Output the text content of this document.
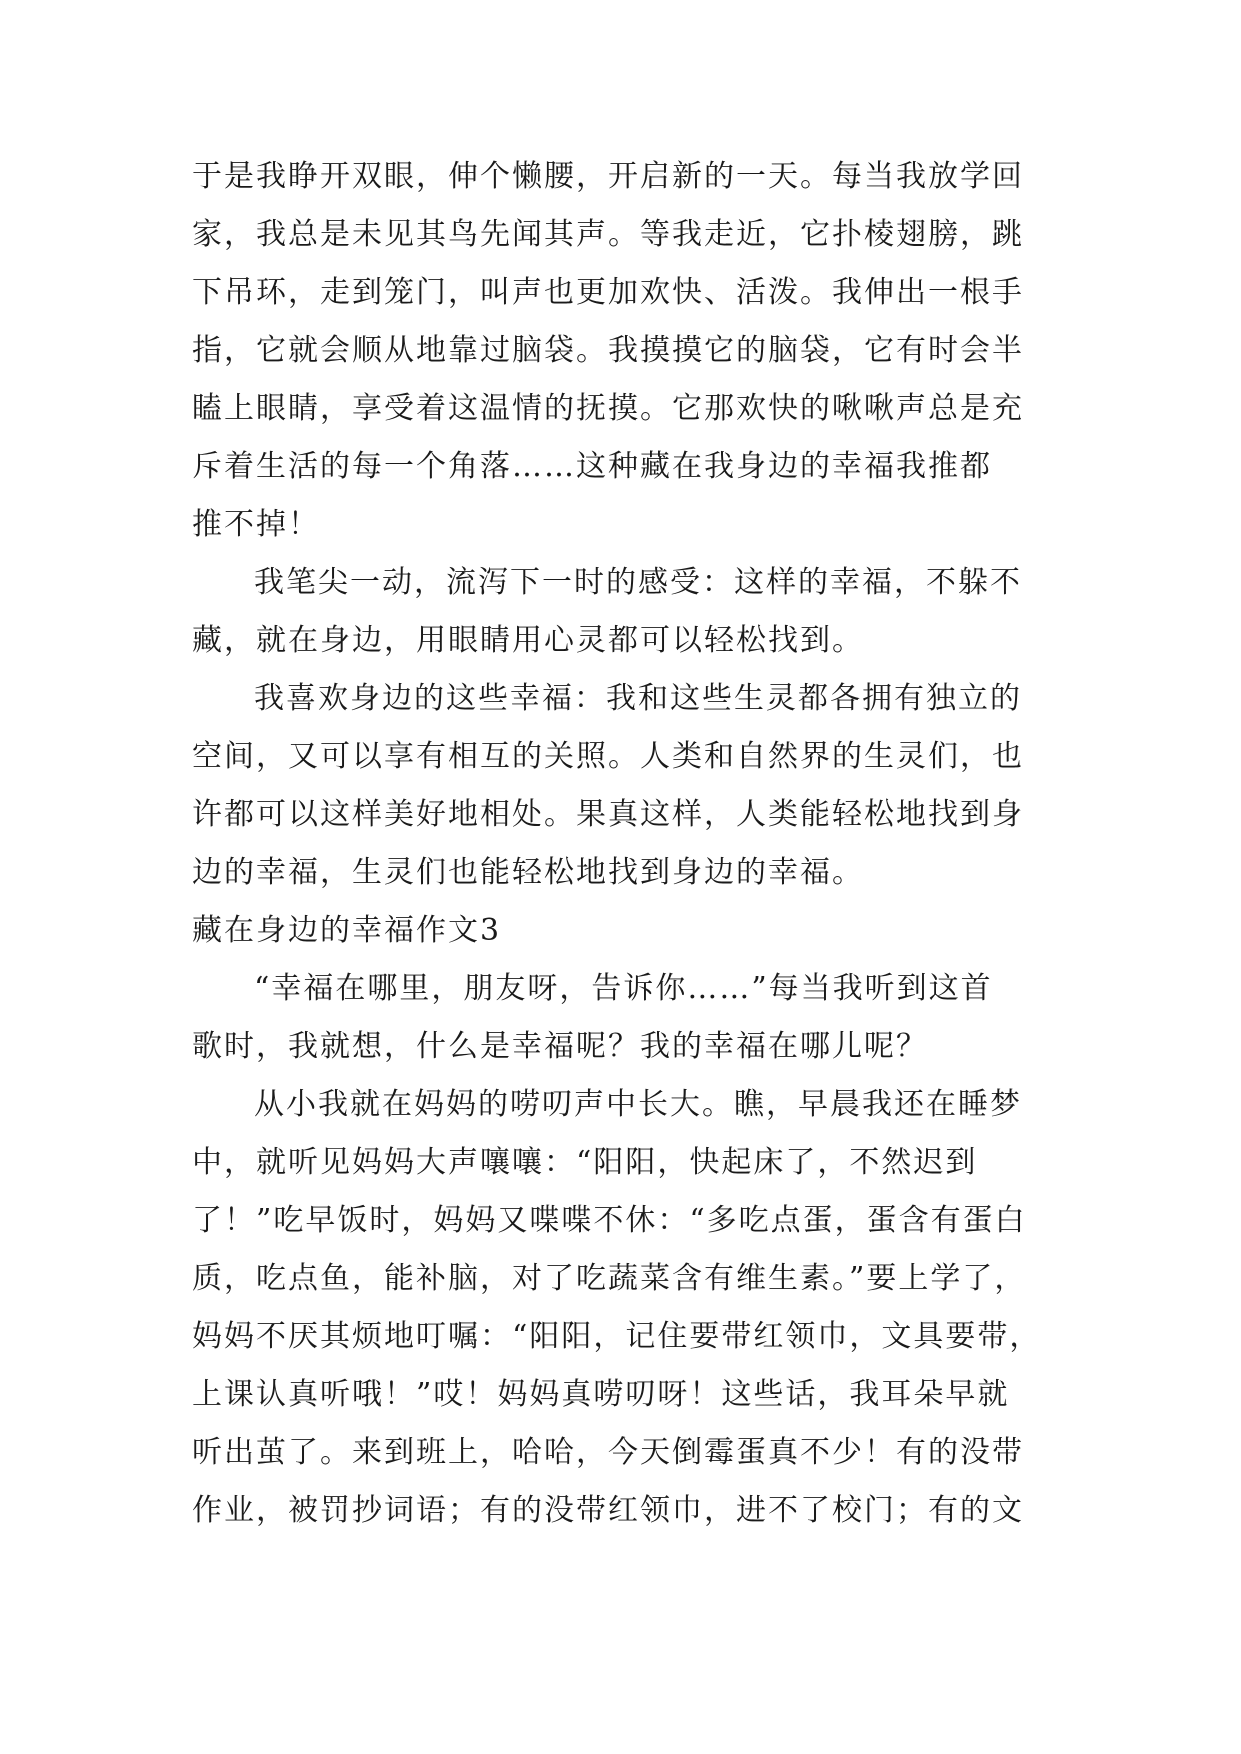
于是我睁开双眼，伸个懒腰，开启新的一天。每当我放学回
家，我总是未见其鸟先闻其声。等我走近，它扑棱翅膀，跳
下吊环，走到笼门，叫声也更加欢快、活泼。我伸出一根手
指，它就会顺从地靠过脑袋。我摸摸它的脑袋，它有时会半
瞌上眼睛，享受着这温情的抚摸。它那欢快的啾啾声总是充
斥着生活的每一个角落……这种藏在我身边的幸福我推都
推不掉！
我笔尖一动，流泻下一时的感受：这样的幸福，不躲不
藏，就在身边，用眼睛用心灵都可以轻松找到。
我喜欢身边的这些幸福：我和这些生灵都各拥有独立的
空间，又可以享有相互的关照。人类和自然界的生灵们，也
许都可以这样美好地相处。果真这样，人类能轻松地找到身
边的幸福，生灵们也能轻松地找到身边的幸福。
藏在身边的幸福作文3
“幸福在哪里，朋友呀，告诉你……”每当我听到这首
歌时，我就想，什么是幸福呢？我的幸福在哪儿呢？
从小我就在妈妈的唠叨声中长大。瞧，早晨我还在睡梦
中，就听见妈妈大声嚷嚷：“阳阳，快起床了，不然迟到
了！”吃早饭时，妈妈又喋喋不休：“多吃点蛋，蛋含有蛋白
质，吃点鱼，能补脑，对了吃蔬菜含有维生素。”要上学了，
妈妈不厌其烦地叮嘱：“阳阳，记住要带红领巾，文具要带，
上课认真听哦！”哎！妈妈真唠叨呀！这些话，我耳朵早就
听出茧了。来到班上，哈哈，今天倒霉蛋真不少！有的没带
作业，被罚抄词语；有的没带红领巾，进不了校门；有的文
